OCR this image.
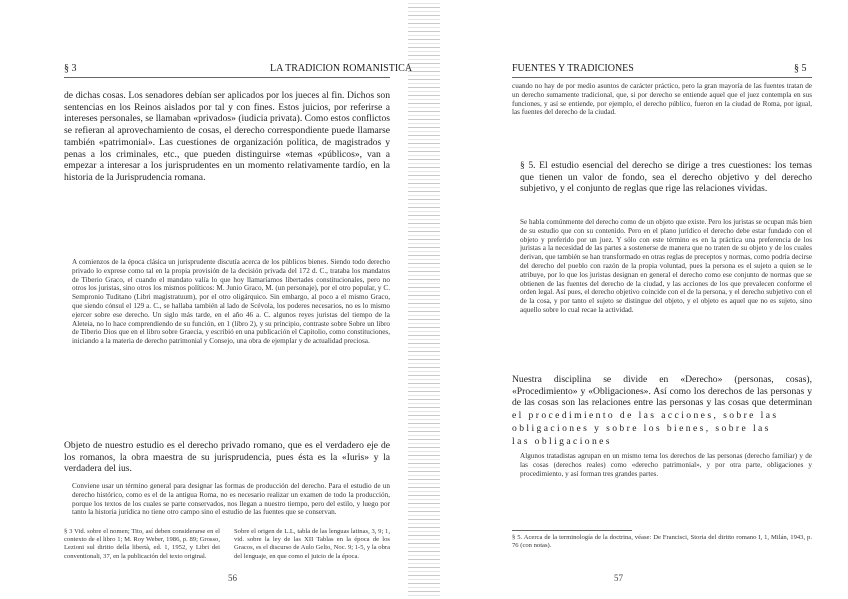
§ 3	LA TRADICION ROMANISTICA
de dichas cosas. Los senadores debían ser aplicados por los jueces al fin. Dichos son sentencias en los Reinos aislados por tal y con fines. Estos juicios, por referirse a intereses personales, se llamaban «privados» (iudicia privata). Como estos conflictos se refieran al aprovechamiento de cosas, el derecho correspondiente puede llamarse también «patrimonial». Las cuestiones de organización política, de magistrados y penas a los criminales, etc., que pueden distinguirse «temas «públicos», van a empezar a interesar a los jurisprudentes en un momento relativamente tardío, en la historia de la Jurisprudencia romana.
A comienzos de la época clásica un jurisprudente discutía acerca de los públicos bienes. Siendo todo derecho privado lo exprese como tal en la propia provisión de la decisión privada del 172 d. C., trataba los mandatos de Tiberio Graco, el cuando el mandato valía lo que hoy llamaríamos libertades constitucionales, pero no otros los juristas, sino otros los mismos políticos: M. Junio Graco, M. (un personaje), por el otro popular, y C. Sempronio Tuditano (Libri magistratuum), por el otro oligárquico. Sin embargo, al poco a el mismo Graco, que siendo cónsul el 129 a. C., se hallaba también al lado de Scévola, los poderes necesarios, no es lo mismo ejercer sobre ese derecho. Un siglo más tarde, en el año 46 a. C. algunos reyes juristas del tiempo de la Aleteia, no lo hace comprendiendo de su función, en 1 (libro 2), y su principio, contraste sobre Sobre un libro de Tiberio Dios que en el libro sobre Graecia, y escribió en una publicación el Capitolio, como constituciones, iniciando a la materia de derecho patrimonial y Consejo, una obra de ejemplar y de actualidad preciosa.
Objeto de nuestro estudio es el derecho privado romano, que es el verdadero eje de los romanos, la obra maestra de su jurisprudencia, pues ésta es la «Iuris» y la verdadera del ius.
Conviene usar un término general para designar las formas de producción del derecho. Para el estudio de un derecho histórico, como es el de la antigua Roma, no es necesario realizar un examen de todo la producción, porque los textos de los cuales se parte conservados, nos llegan a nuestro tiempo, pero del estilo, y luego por tanto la historia jurídica no tiene otro campo sino el estudio de las fuentes que se conservan.
§ 3 Vid. sobre el nomen; Tito, así deben considerarse en el contexto de el libro 1; M. Roy Weber, 1986, p. 89; Grosso, Lezioni sul diritto della libertà, ed. 1, 1952, y Libri dei conventionali, 37, en la publicación del texto original.
Sobre el origen de L.L, tabla de las lenguas latinas, 3, 9; 1, vid. sobre la ley de las XII Tablas en la época de los Gracos, es el discurso de Aulo Gelio, Noc. 9; 1-5, y la obra del lenguaje, en que como el juicio de la época.
56
FUENTES Y TRADICIONES	§ 5
cuando no hay de por medio asuntos de carácter práctico, pero la gran mayoría de las fuentes tratan de un derecho sumamente tradicional, que, si por derecho se entiende aquel que el juez contempla en sus funciones, y así se entiende, por ejemplo, el derecho público, fueron en la ciudad de Roma, por igual, las fuentes del derecho de la ciudad.
§ 5. El estudio esencial del derecho se dirige a tres cuestiones: los temas que tienen un valor de fondo, sea el derecho objetivo y del derecho subjetivo, y el conjunto de reglas que rige las relaciones vividas.
Se habla comúnmente del derecho como de un objeto que existe. Pero los juristas se ocupan más bien de su estudio que con su contenido. Pero en el plano jurídico el derecho debe estar fundado con el objeto y preferido por un juez. Y sólo con este término es en la práctica una preferencia de los juristas a la necesidad de las partes a sostenerse de manera que no traten de su objeto y de los cuales derivan, que también se han transformado en otras reglas de preceptos y normas, como podría decirse del derecho del pueblo con razón de la propia voluntad, pues la persona es el sujeto a quien se le atribuye, por lo que los juristas designan en general el derecho como ese conjunto de normas que se obtienen de las fuentes del derecho de la ciudad, y las acciones de los que prevalecen conforme el orden legal. Así pues, el derecho objetivo coincide con el de la persona, y el derecho subjetivo con el de la cosa, y por tanto el sujeto se distingue del objeto, y el objeto es aquel que no es sujeto, sino aquello sobre lo cual recae la actividad.
Nuestra disciplina se divide en «Derecho» (personas, cosas), «Procedimiento» y «Obligaciones». Así como los derechos de las personas y de las cosas son las relaciones entre las personas y las cosas que determinan
el procedimiento de las acciones, sobre las
obligaciones y sobre los bienes, sobre las
las obligaciones
Algunos tratadistas agrupan en un mismo tema los derechos de las personas (derecho familiar) y de las cosas (derechos reales) como «derecho patrimonial», y por otra parte, obligaciones y procedimiento, y así forman tres grandes partes.
§ 5. Acerca de la terminología de la doctrina, véase: De Francisci, Storia del diritto romano I, 1, Milán, 1943, p. 76 (con notas).
57
